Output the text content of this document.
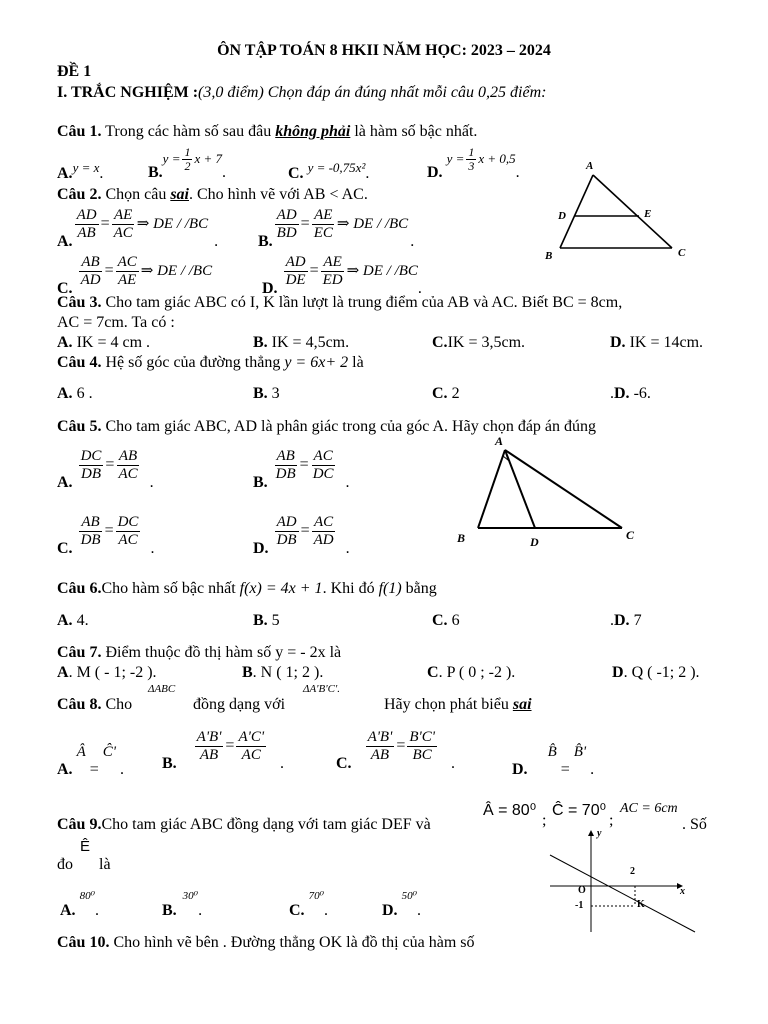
ÔN TẬP TOÁN 8 HKII NĂM HỌC: 2023 – 2024
ĐỀ 1
I. TRẮC NGHIỆM :(3,0 điểm) Chọn đáp án đúng nhất mỗi câu 0,25 điểm:
Câu 1. Trong các hàm số sau đâu không phải là hàm số bậc nhất.
A.$^{y = x}$.	$B.y = \frac{1}{2}$ x + 7.	C. $^{y = -0,75x^2}$.	D. $y = \frac{1}{3}$ x + 0,5.
Câu 2. Chọn câu sai. Cho hình vẽ với AB < AC.
A. $\frac{AD}{AB} = \frac{AE}{AC}$ ⇒ DE / /BC. B. $\frac{AD}{BD} = \frac{AE}{EC}$ ⇒ DE / /BC.
C. $\frac{AB}{AD} = \frac{AC}{AE}$ ⇒ DE / /BC
D. $\frac{AD}{DE} = \frac{AE}{ED}$ ⇒ DE / /BC.
A
B	C
D	E
Câu 3. Cho tam giác ABC có I, K lần lượt là trung điểm của AB và AC. Biết BC = 8cm,
AC = 7cm. Ta có :
A. IK = 4 cm .	B. IK = 4,5cm.	C.IK = 3,5cm.	D. IK = 14cm.
Câu 4. Hệ số góc của đường thẳng y = 6x+ 2 là
A. 6 .	B. 3	C. 2	.D. -6.
Câu 5. Cho tam giác ABC, AD là phân giác trong của góc A. Hãy chọn đáp án đúng
A. $\frac{DC}{DB} = \frac{AB}{AC}$ .	B. $\frac{AB}{DB} = \frac{AC}{DC}$ .
C. $\frac{AB}{DB} = \frac{DC}{AC}$ .	D. $\frac{AD}{DB} = \frac{AC}{AD}$ .
A
B	C
D
Câu 6.Cho hàm số bậc nhất f(x) = 4x + 1. Khi đó f(1) bằng
A. 4.	B. 5	C. 6	.D. 7
Câu 7. Điểm thuộc đồ thị hàm số y = - 2x là
A. M ( - 1; -2 ).	B. N ( 1; 2 ).	C. P ( 0 ; -2 ).	D. Q ( -1; 2 ).
Câu 8. Cho
ΔABC
đồng dạng với
ΔA'B'C'.
Hãy chọn phát biểu sai
A. Â = Ĉ' . B. $\frac{A'B'}{AB} = \frac{A'C'}{AC}$ .	C. $\frac{A'B'}{AB} = \frac{B'C'}{BC}$ .	D. B̂ = B̂' .
Câu 9.Cho tam giác ABC đồng dạng với tam giác DEF và
Â = 80⁰
;
Ĉ = 70⁰
;
AC = 6cm
. Số
đo
Ê
là
A.80⁰.	B.30⁰.	C.70⁰.	D.50⁰.
Câu 10. Cho hình vẽ bên . Đường thẳng OK là đồ thị của hàm số
y
x
O
2
-1	K
